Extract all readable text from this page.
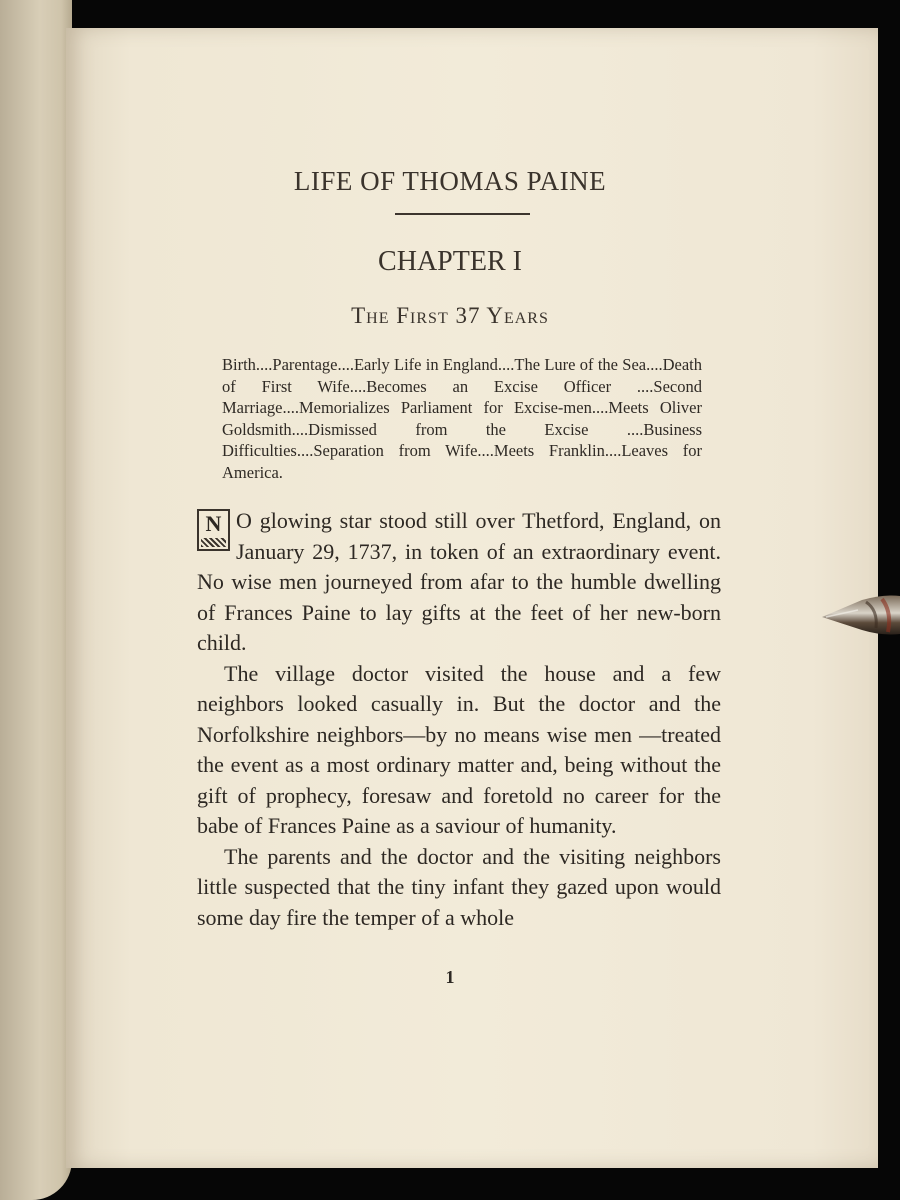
LIFE OF THOMAS PAINE
CHAPTER I
The First 37 Years

Birth....Parentage....Early Life in England....The Lure of the Sea....Death of First Wife....Becomes an Excise Officer ....Second Marriage....Memorializes Parliament for Excise-men....Meets Oliver Goldsmith....Dismissed from the Excise ....Business Difficulties....Separation from Wife....Meets Franklin....Leaves for America.

N O glowing star stood still over Thetford, England, on January 29, 1737, in token of an extraordinary event. No wise men journeyed from afar to the humble dwelling of Frances Paine to lay gifts at the feet of her new-born child.

The village doctor visited the house and a few neighbors looked casually in. But the doctor and the Norfolkshire neighbors—by no means wise men —treated the event as a most ordinary matter and, being without the gift of prophecy, foresaw and foretold no career for the babe of Frances Paine as a saviour of humanity.

The parents and the doctor and the visiting neighbors little suspected that the tiny infant they gazed upon would some day fire the temper of a whole

1
